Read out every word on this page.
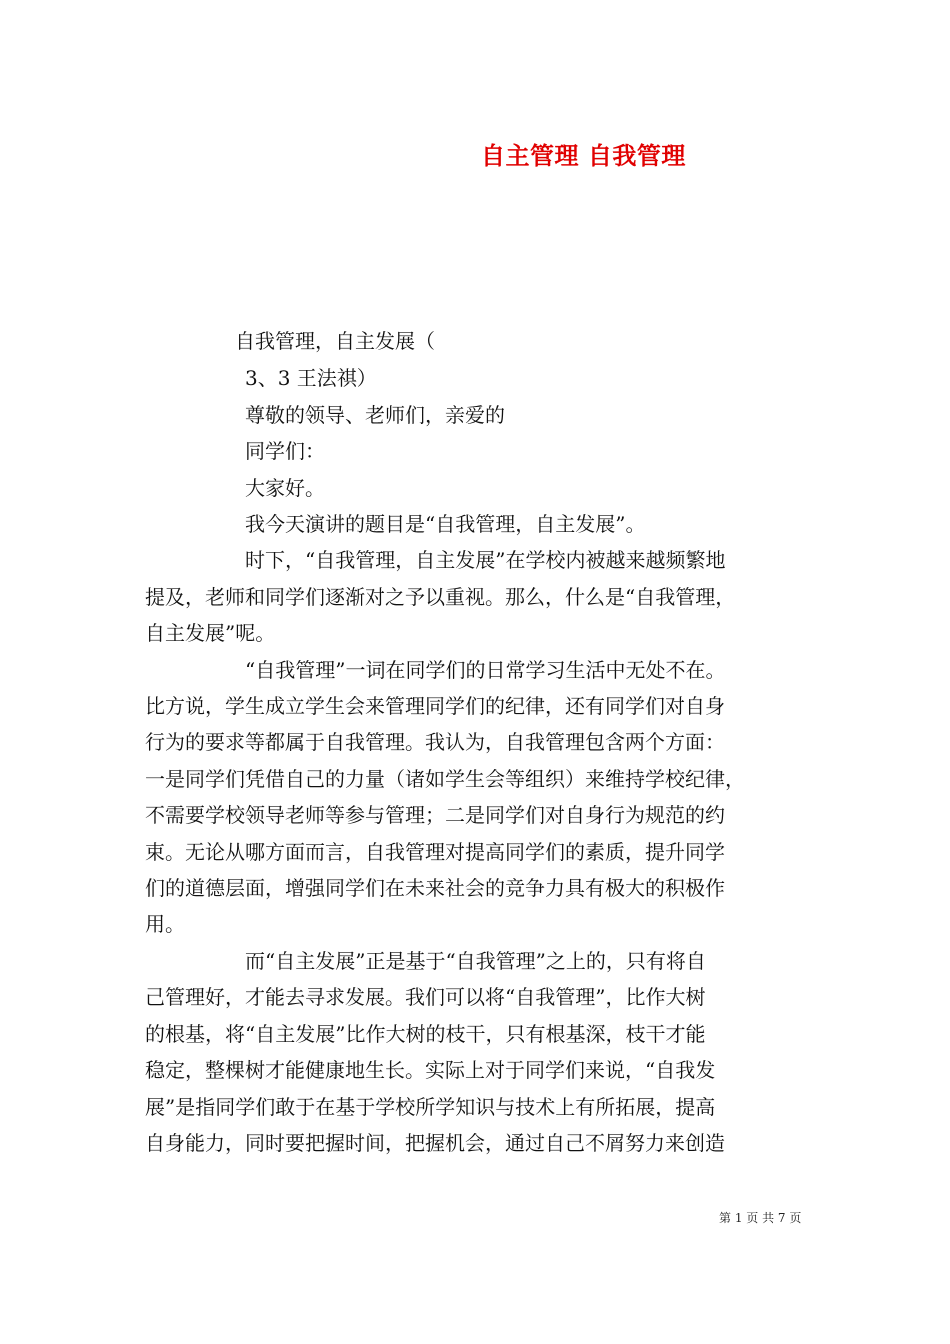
自主管理 自我管理
自我管理，自主发展（
3、3 王法祺）
尊敬的领导、老师们，亲爱的
同学们：
大家好。
我今天演讲的题目是“自我管理，自主发展”。
时下，“自我管理，自主发展”在学校内被越来越频繁地
提及，老师和同学们逐渐对之予以重视。那么，什么是“自我管理，
自主发展”呢。
“自我管理”一词在同学们的日常学习生活中无处不在。
比方说，学生成立学生会来管理同学们的纪律，还有同学们对自身
行为的要求等都属于自我管理。我认为，自我管理包含两个方面：
一是同学们凭借自己的力量（诸如学生会等组织）来维持学校纪律，
不需要学校领导老师等参与管理；二是同学们对自身行为规范的约
束。无论从哪方面而言，自我管理对提高同学们的素质，提升同学
们的道德层面，增强同学们在未来社会的竞争力具有极大的积极作
用。
而“自主发展”正是基于“自我管理”之上的，只有将自
己管理好，才能去寻求发展。我们可以将“自我管理”，比作大树
的根基，将“自主发展”比作大树的枝干，只有根基深，枝干才能
稳定，整棵树才能健康地生长。实际上对于同学们来说，“自我发
展”是指同学们敢于在基于学校所学知识与技术上有所拓展，提高
自身能力，同时要把握时间，把握机会，通过自己不屑努力来创造
第 1 页 共 7 页
